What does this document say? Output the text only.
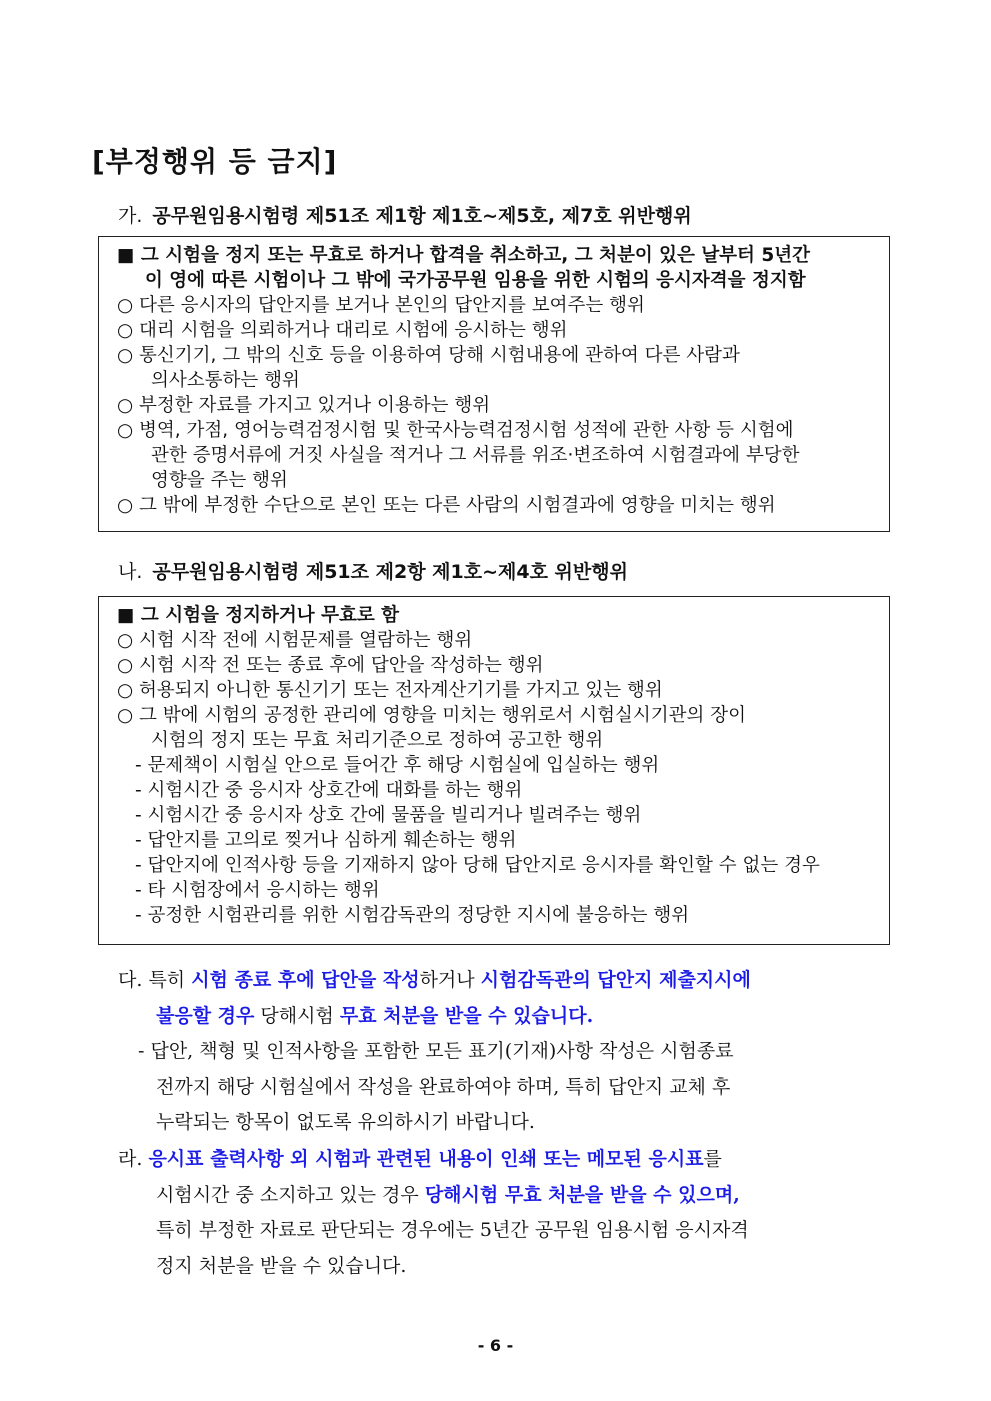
[부정행위 등 금지]
가. 공무원임용시험령 제51조 제1항 제1호~제5호, 제7호 위반행위
■ 그 시험을 정지 또는 무효로 하거나 합격을 취소하고, 그 처분이 있은 날부터 5년간
이 영에 따른 시험이나 그 밖에 국가공무원 임용을 위한 시험의 응시자격을 정지함
○ 다른 응시자의 답안지를 보거나 본인의 답안지를 보여주는 행위
○ 대리 시험을 의뢰하거나 대리로 시험에 응시하는 행위
○ 통신기기, 그 밖의 신호 등을 이용하여 당해 시험내용에 관하여 다른 사람과
의사소통하는 행위
○ 부정한 자료를 가지고 있거나 이용하는 행위
○ 병역, 가점, 영어능력검정시험 및 한국사능력검정시험 성적에 관한 사항 등 시험에
관한 증명서류에 거짓 사실을 적거나 그 서류를 위조·변조하여 시험결과에 부당한
영향을 주는 행위
○ 그 밖에 부정한 수단으로 본인 또는 다른 사람의 시험결과에 영향을 미치는 행위
나. 공무원임용시험령 제51조 제2항 제1호~제4호 위반행위
■ 그 시험을 정지하거나 무효로 함
○ 시험 시작 전에 시험문제를 열람하는 행위
○ 시험 시작 전 또는 종료 후에 답안을 작성하는 행위
○ 허용되지 아니한 통신기기 또는 전자계산기기를 가지고 있는 행위
○ 그 밖에 시험의 공정한 관리에 영향을 미치는 행위로서 시험실시기관의 장이
시험의 정지 또는 무효 처리기준으로 정하여 공고한 행위
- 문제책이 시험실 안으로 들어간 후 해당 시험실에 입실하는 행위
- 시험시간 중 응시자 상호간에 대화를 하는 행위
- 시험시간 중 응시자 상호 간에 물품을 빌리거나 빌려주는 행위
- 답안지를 고의로 찢거나 심하게 훼손하는 행위
- 답안지에 인적사항 등을 기재하지 않아 당해 답안지로 응시자를 확인할 수 없는 경우
- 타 시험장에서 응시하는 행위
- 공정한 시험관리를 위한 시험감독관의 정당한 지시에 불응하는 행위
다. 특히 시험 종료 후에 답안을 작성하거나 시험감독관의 답안지 제출지시에
불응할 경우 당해시험 무효 처분을 받을 수 있습니다.
- 답안, 책형 및 인적사항을 포함한 모든 표기(기재)사항 작성은 시험종료
전까지 해당 시험실에서 작성을 완료하여야 하며, 특히 답안지 교체 후
누락되는 항목이 없도록 유의하시기 바랍니다.
라. 응시표 출력사항 외 시험과 관련된 내용이 인쇄 또는 메모된 응시표를
시험시간 중 소지하고 있는 경우 당해시험 무효 처분을 받을 수 있으며,
특히 부정한 자료로 판단되는 경우에는 5년간 공무원 임용시험 응시자격
정지 처분을 받을 수 있습니다.
- 6 -
